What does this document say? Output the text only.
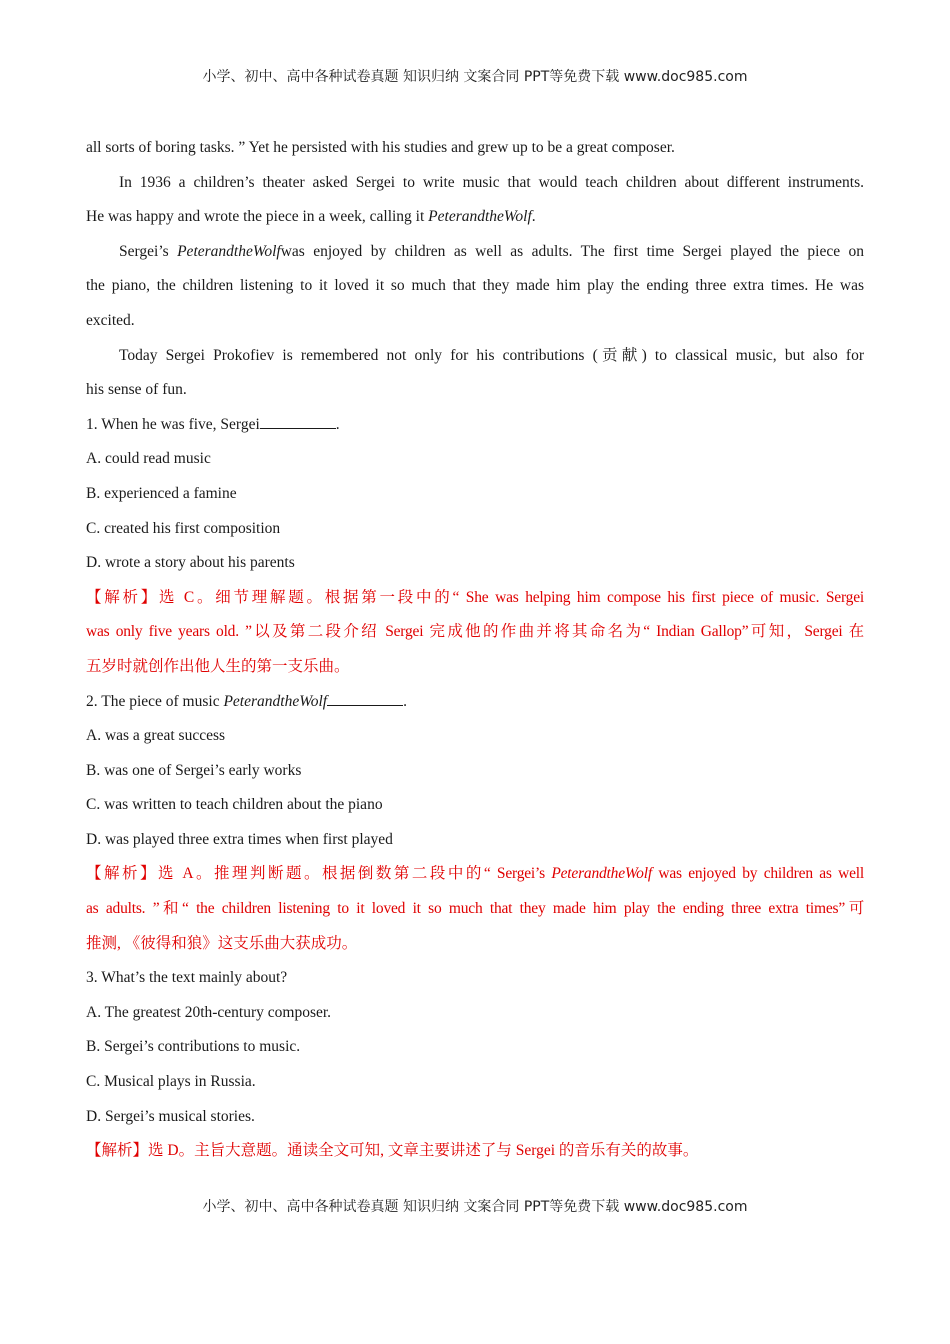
小学、初中、高中各种试卷真题 知识归纳 文案合同 PPT等免费下载 www.doc985.com
all sorts of boring tasks. ” Yet he persisted with his studies and grew up to be a great composer.
In 1936 a children’s theater asked Sergei to write music that would teach children about different instruments.
He was happy and wrote the piece in a week, calling it PeterandtheWolf.
Sergei’s PeterandtheWolfwas enjoyed by children as well as adults. The first time Sergei played the piece on
the piano, the children listening to it loved it so much that they made him play the ending three extra times. He was
excited.
Today Sergei Prokofiev is remembered not only for his contributions (贡献) to classical music, but also for
his sense of fun.
1. When he was five, Sergei	.
A. could read music
B. experienced a famine
C. created his first composition
D. wrote a story about his parents
【解析】选 C。细节理解题。根据第一段中的“ She was helping him compose his first piece of music. Sergei
was only five years old. ”以及第二段介绍 Sergei 完成他的作曲并将其命名为“ Indian Gallop”可知，Sergei 在
五岁时就创作出他人生的第一支乐曲。
2. The piece of music PeterandtheWolf	.
A. was a great success
B. was one of Sergei’s early works
C. was written to teach children about the piano
D. was played three extra times when first played
【解析】选 A。推理判断题。根据倒数第二段中的“ Sergei’s PeterandtheWolf was enjoyed by children as well
as adults. ”和“ the children listening to it loved it so much that they made him play the ending three extra times”可
推测, 《彼得和狼》这支乐曲大获成功。
3. What’s the text mainly about?
A. The greatest 20th-century composer.
B. Sergei’s contributions to music.
C. Musical plays in Russia.
D. Sergei’s musical stories.
【解析】选 D。主旨大意题。通读全文可知, 文章主要讲述了与 Sergei 的音乐有关的故事。
小学、初中、高中各种试卷真题 知识归纳 文案合同 PPT等免费下载 www.doc985.com
